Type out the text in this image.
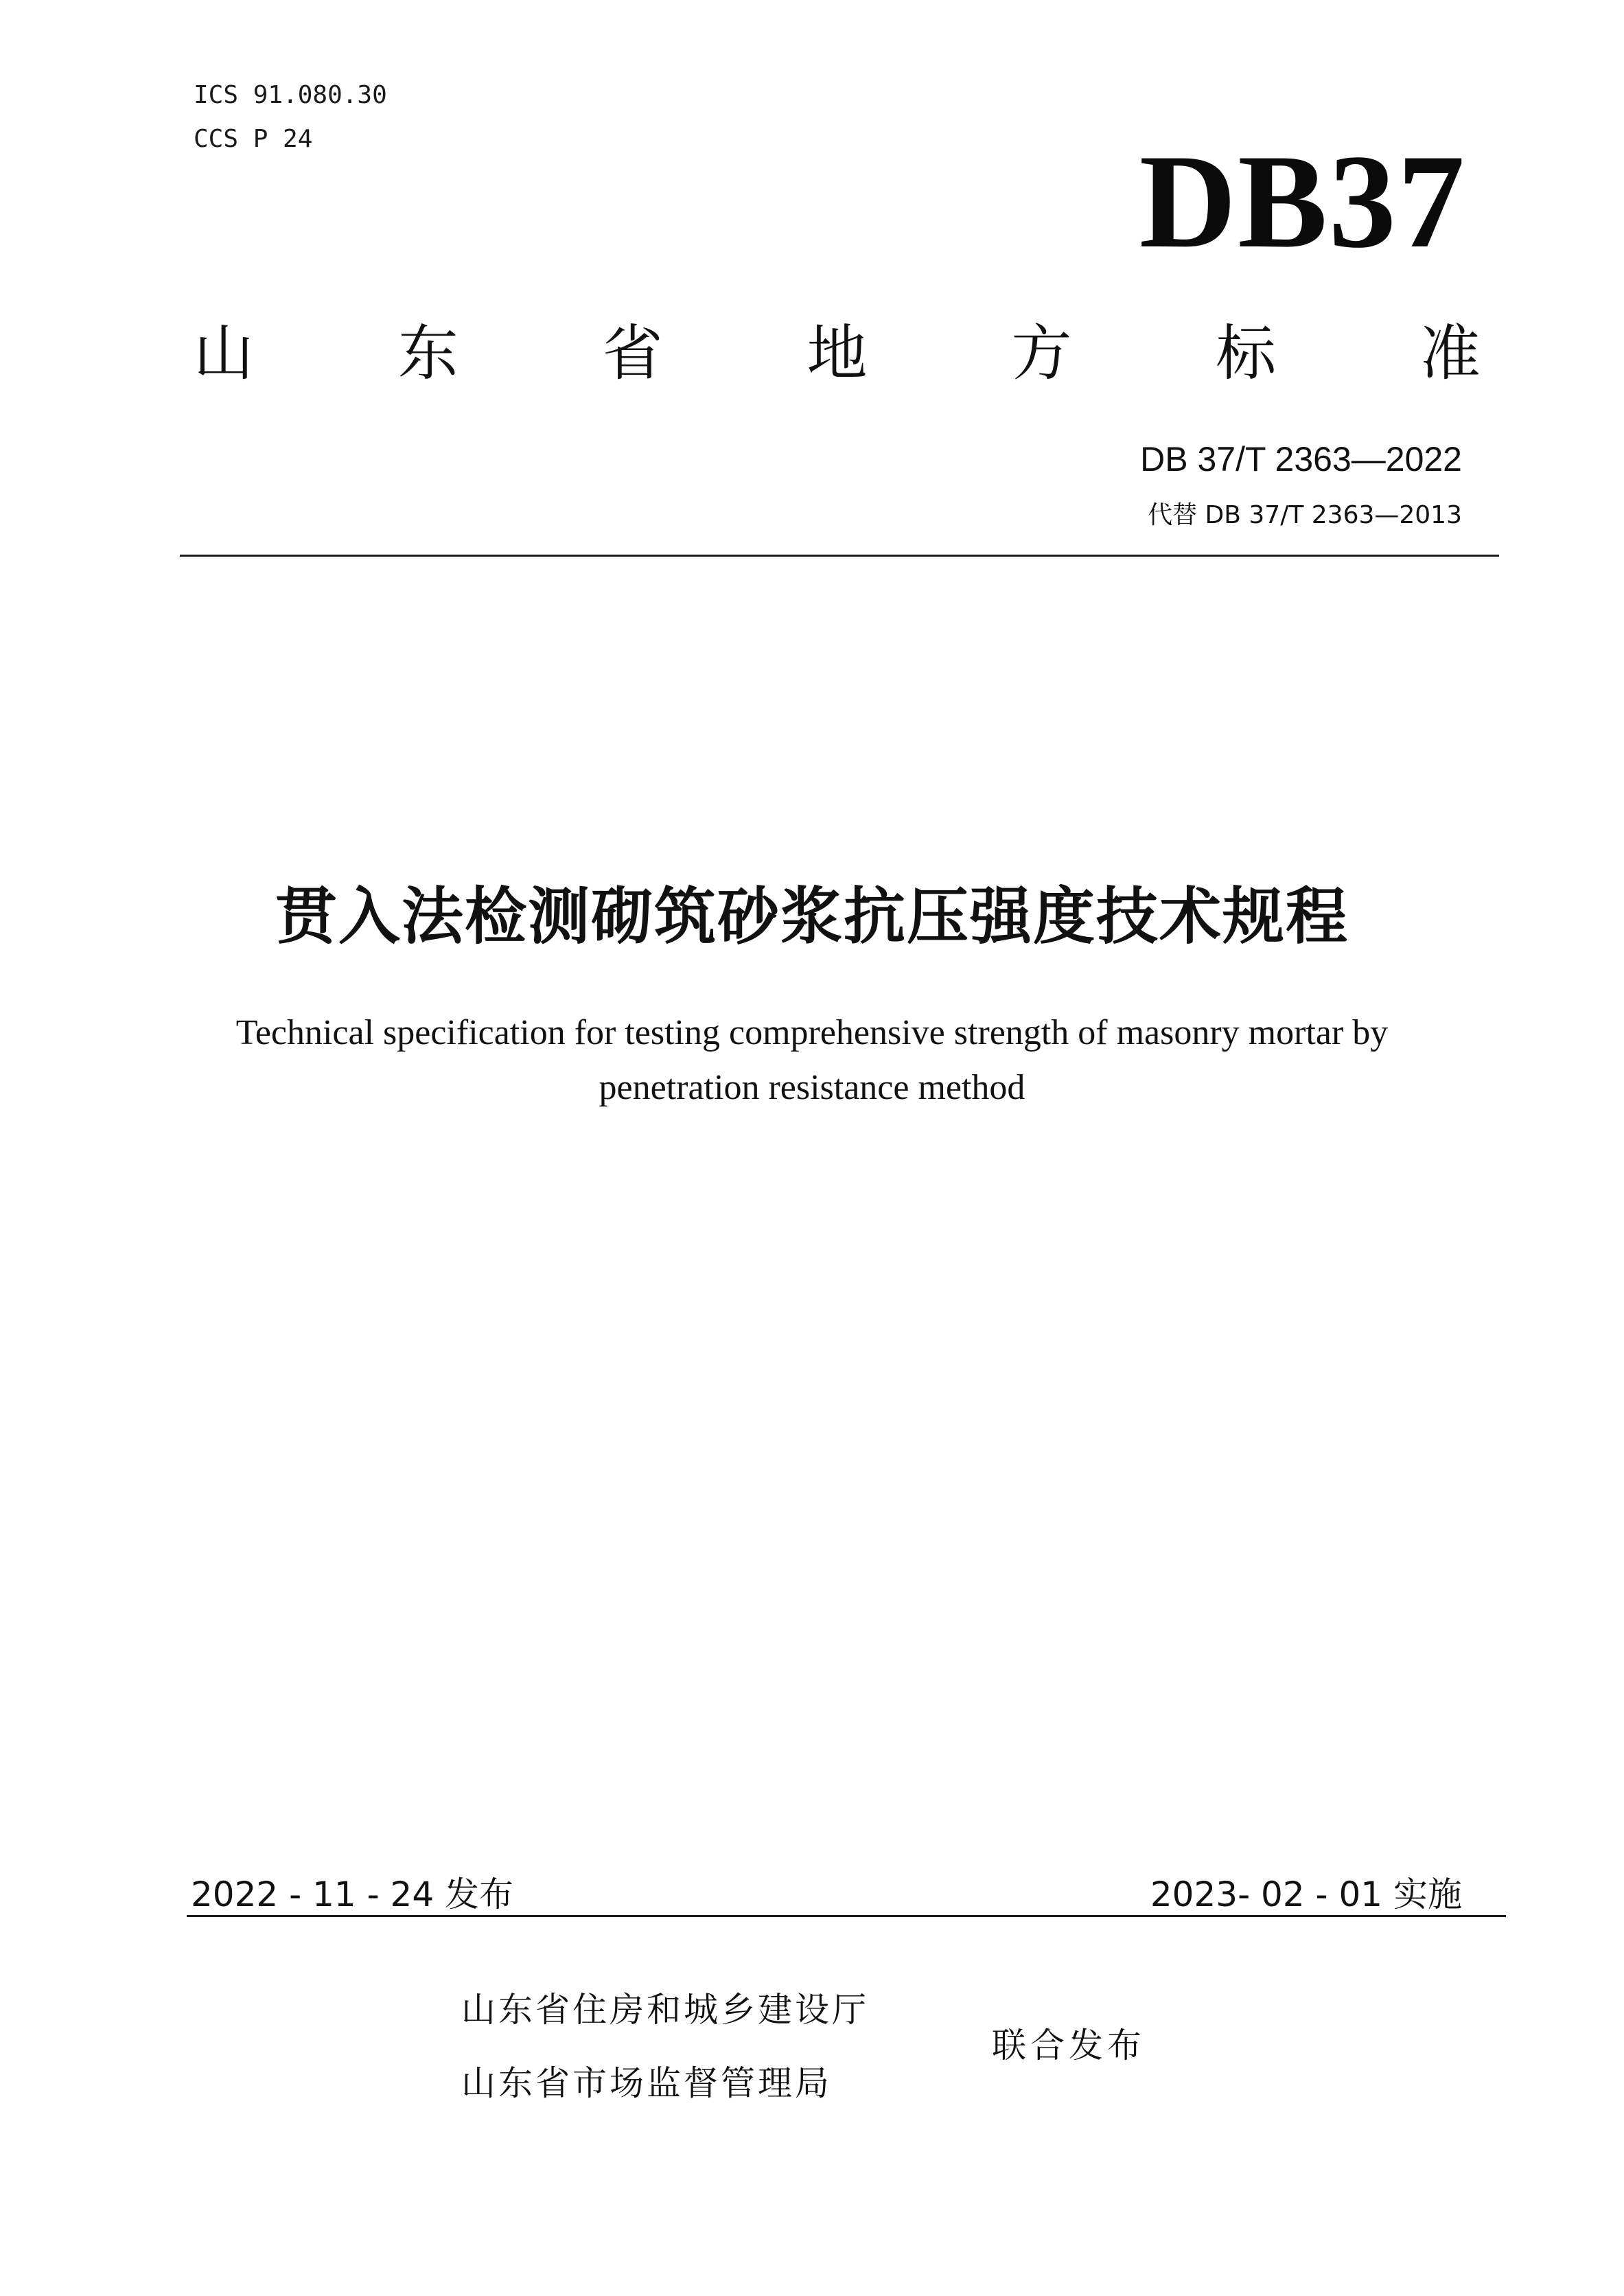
ICS 91.080.30
CCS P 24	DB37
山 东 省 地 方 标 准
DB 37/T 2363—2022
代替 DB 37/T 2363—2013
贯入法检测砌筑砂浆抗压强度技术规程
Technical specification for testing comprehensive strength of masonry mortar by penetration resistance method
2022 - 11 - 24 发布	2023- 02 - 01 实施
山东省住房和城乡建设厅
山东省市场监督管理局
联合发布
